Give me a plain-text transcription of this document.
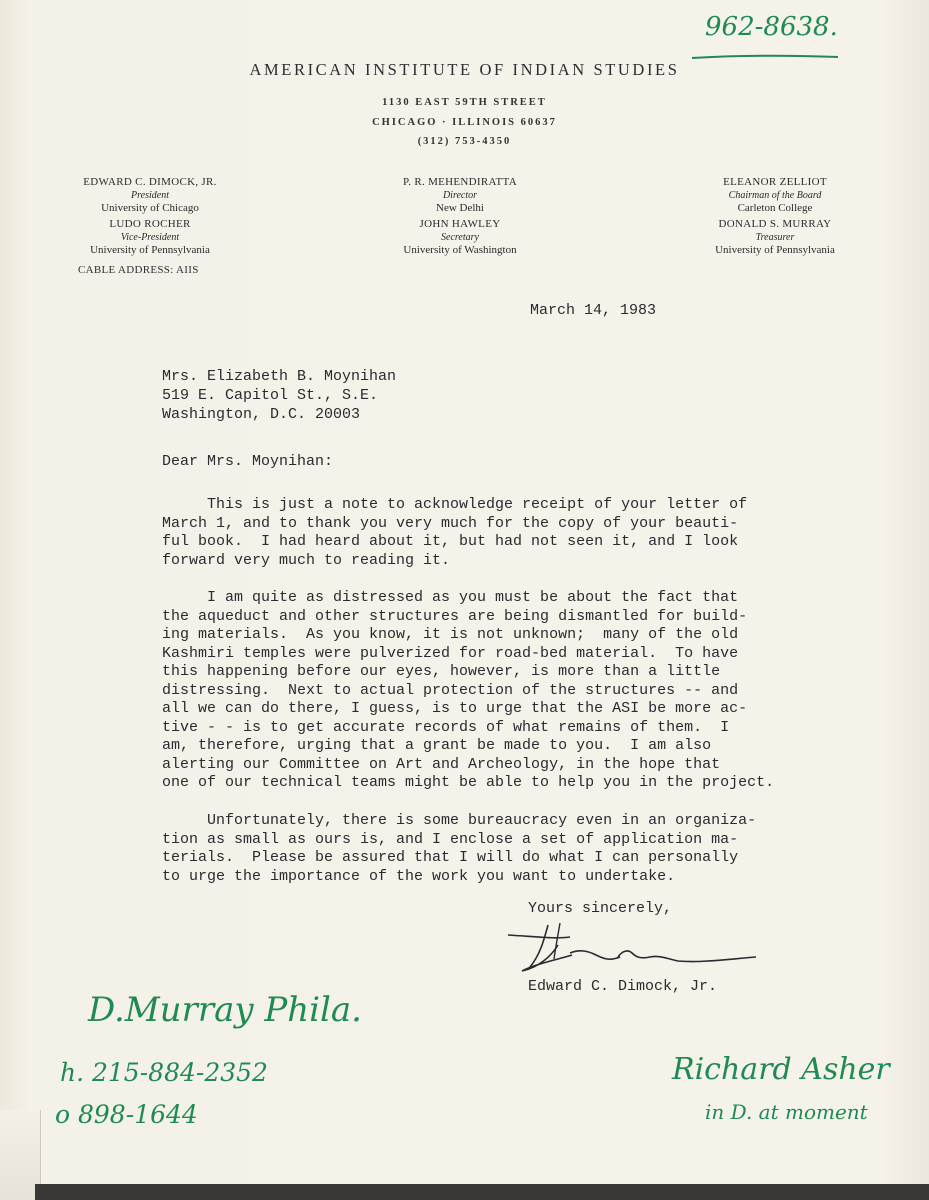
962-8638.
AMERICAN INSTITUTE OF INDIAN STUDIES
1130 EAST 59TH STREET
CHICAGO · ILLINOIS 60637
(312) 753-4350
EDWARD C. DIMOCK, JR.
President
University of Chicago
LUDO ROCHER
Vice-President
University of Pennsylvania
CABLE ADDRESS: AIIS
P. R. MEHENDIRATTA
Director
New Delhi
JOHN HAWLEY
Secretary
University of Washington
ELEANOR ZELLIOT
Chairman of the Board
Carleton College
DONALD S. MURRAY
Treasurer
University of Pennsylvania
March 14, 1983
Mrs. Elizabeth B. Moynihan
519 E. Capitol St., S.E.
Washington, D.C. 20003
Dear Mrs. Moynihan:
This is just a note to acknowledge receipt of your letter of
March 1, and to thank you very much for the copy of your beauti-
ful book.  I had heard about it, but had not seen it, and I look
forward very much to reading it.
I am quite as distressed as you must be about the fact that
the aqueduct and other structures are being dismantled for build-
ing materials.  As you know, it is not unknown;  many of the old
Kashmiri temples were pulverized for road-bed material.  To have
this happening before our eyes, however, is more than a little
distressing.  Next to actual protection of the structures -- and
all we can do there, I guess, is to urge that the ASI be more ac-
tive - - is to get accurate records of what remains of them.  I
am, therefore, urging that a grant be made to you.  I am also
alerting our Committee on Art and Archeology, in the hope that
one of our technical teams might be able to help you in the project.
Unfortunately, there is some bureaucracy even in an organiza-
tion as small as ours is, and I enclose a set of application ma-
terials.  Please be assured that I will do what I can personally
to urge the importance of the work you want to undertake.
Yours sincerely,
Edward C. Dimock, Jr.
D.Murray Phila.
h. 215-884-2352
o 898-1644
Richard Asher
in D. at moment
